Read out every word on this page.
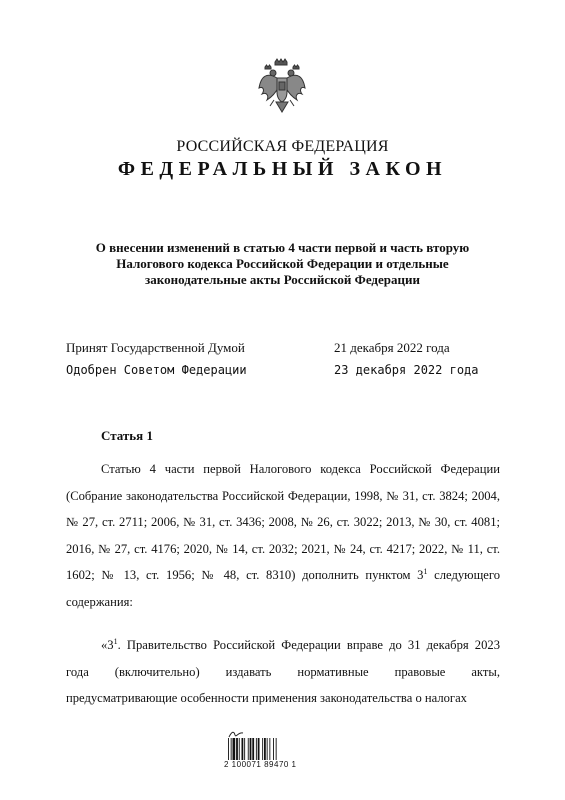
РОССИЙСКАЯ ФЕДЕРАЦИЯ
ФЕДЕРАЛЬНЫЙ ЗАКОН
О внесении изменений в статью 4 части первой и часть вторую Налогового кодекса Российской Федерации и отдельные законодательные акты Российской Федерации
Принят Государственной Думой	21 декабря 2022 года
Одобрен Советом Федерации	23 декабря 2022 года
Статья 1
Статью 4 части первой Налогового кодекса Российской Федерации (Собрание законодательства Российской Федерации, 1998, № 31, ст. 3824; 2004, № 27, ст. 2711; 2006, № 31, ст. 3436; 2008, № 26, ст. 3022; 2013, № 30, ст. 4081; 2016, № 27, ст. 4176; 2020, № 14, ст. 2032; 2021, № 24, ст. 4217; 2022, № 11, ст. 1602; № 13, ст. 1956; № 48, ст. 8310) дополнить пунктом $3^1$ следующего содержания:
«$3^1$. Правительство Российской Федерации вправе до 31 декабря 2023 года (включительно) издавать нормативные правовые акты, предусматривающие особенности применения законодательства о налогах
2 100071 89470 1
